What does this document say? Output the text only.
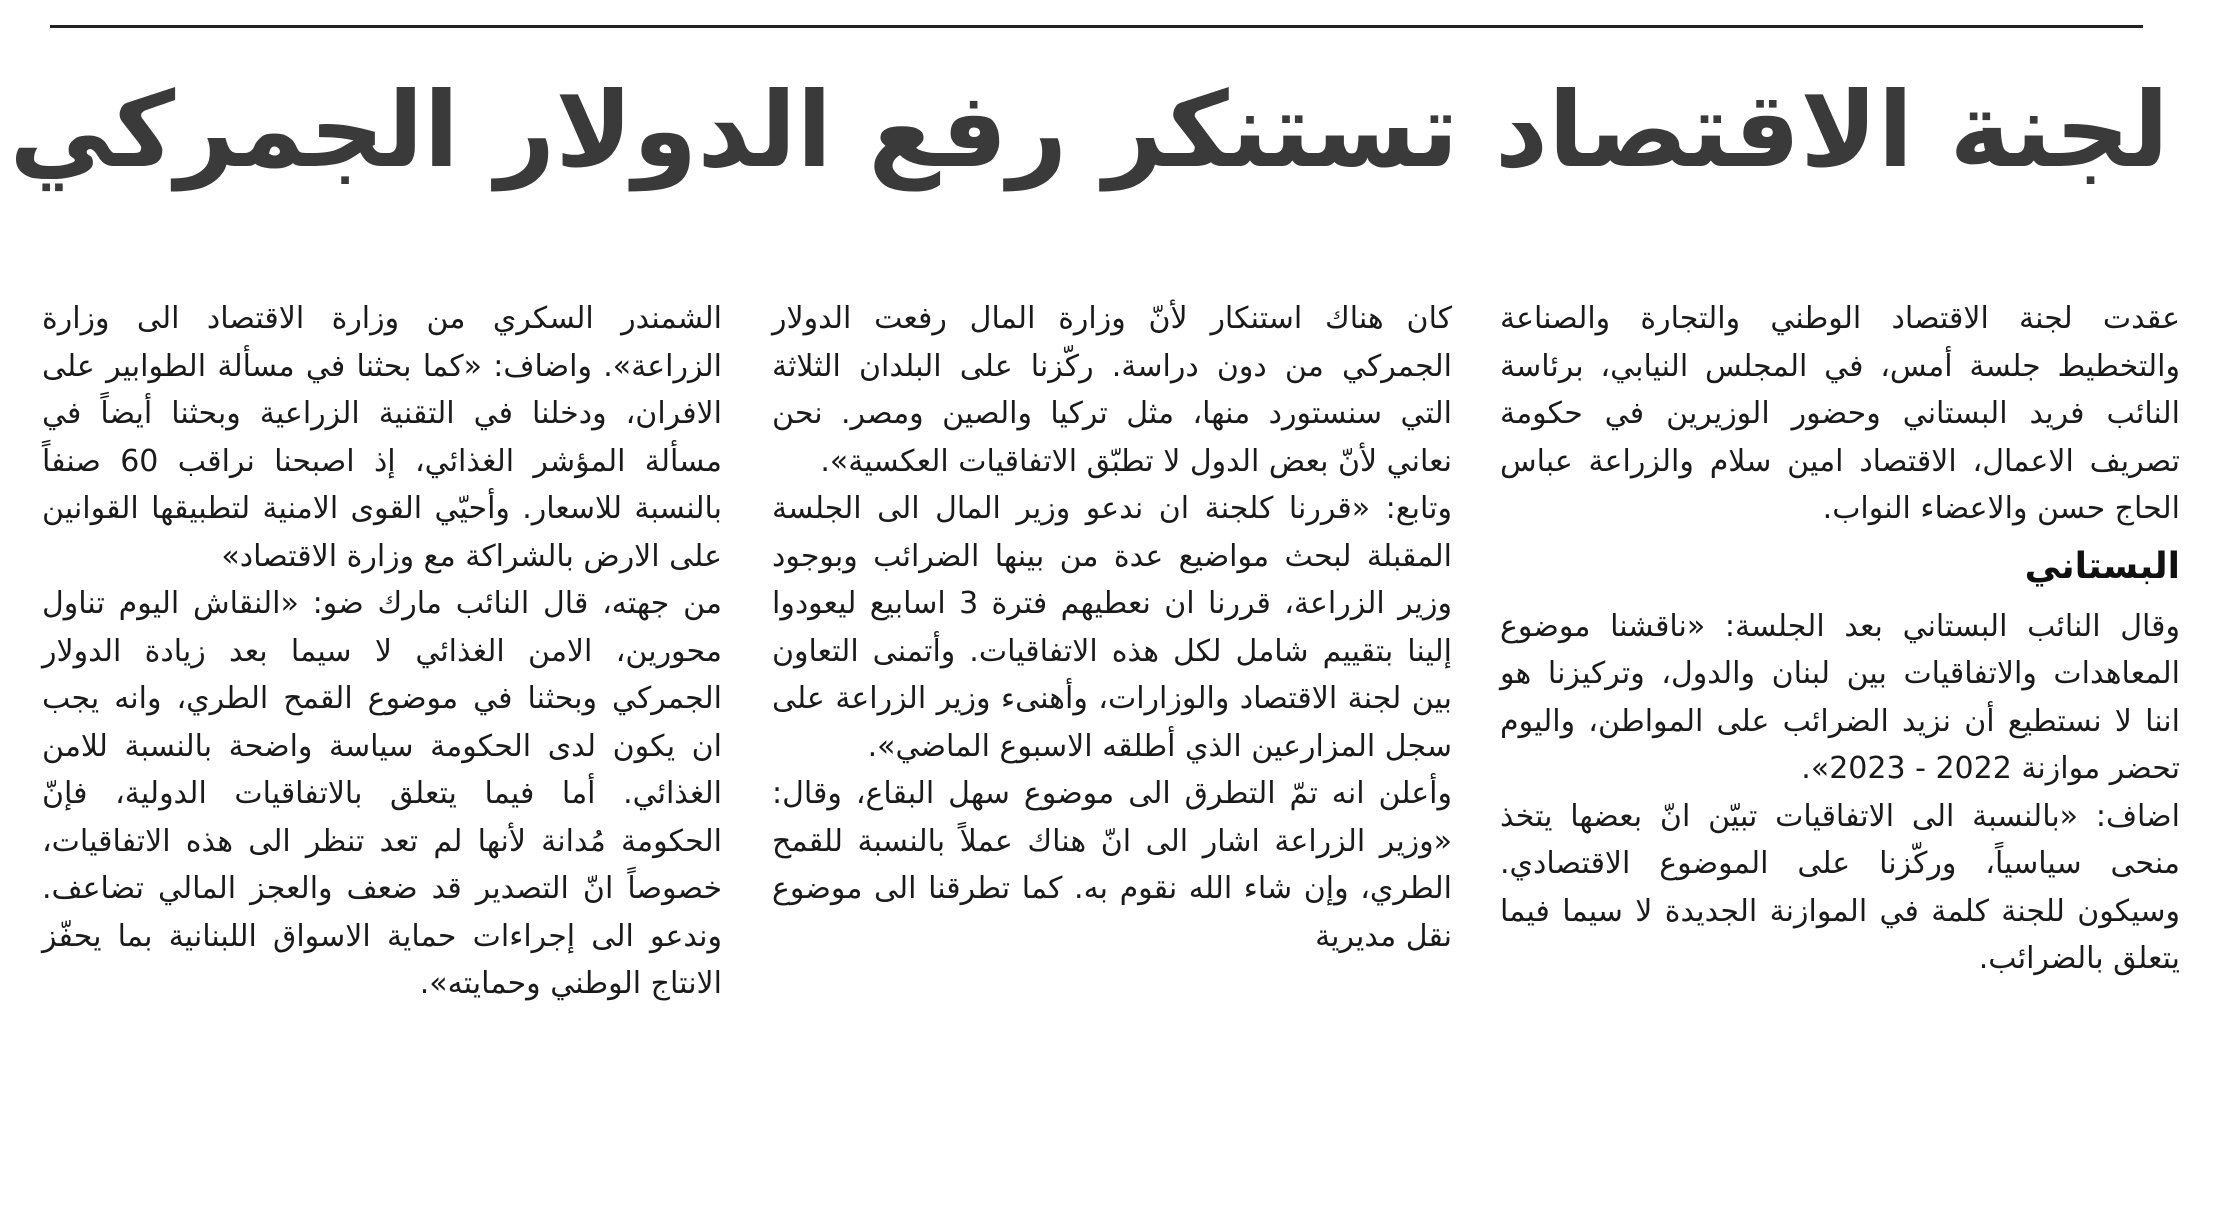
لجنة الاقتصاد تستنكر رفع الدولار الجمركي

عقدت لجنة الاقتصاد الوطني والتجارة والصناعة والتخطيط جلسة أمس، في المجلس النيابي، برئاسة النائب فريد البستاني وحضور الوزيرين في حكومة تصريف الاعمال، الاقتصاد امين سلام والزراعة عباس الحاج حسن والاعضاء النواب.

البستاني

وقال النائب البستاني بعد الجلسة: «ناقشنا موضوع المعاهدات والاتفاقيات بين لبنان والدول، وتركيزنا هو اننا لا نستطيع أن نزيد الضرائب على المواطن، واليوم تحضر موازنة 2022 - 2023».

اضاف: «بالنسبة الى الاتفاقيات تبيّن انّ بعضها يتخذ منحى سياسياً، وركّزنا على الموضوع الاقتصادي. وسيكون للجنة كلمة في الموازنة الجديدة لا سيما فيما يتعلق بالضرائب.

كان هناك استنكار لأنّ وزارة المال رفعت الدولار الجمركي من دون دراسة. ركّزنا على البلدان الثلاثة التي سنستورد منها، مثل تركيا والصين ومصر. نحن نعاني لأنّ بعض الدول لا تطبّق الاتفاقيات العكسية».

وتابع: «قررنا كلجنة ان ندعو وزير المال الى الجلسة المقبلة لبحث مواضيع عدة من بينها الضرائب وبوجود وزير الزراعة، قررنا ان نعطيهم فترة 3 اسابيع ليعودوا إلينا بتقييم شامل لكل هذه الاتفاقيات. وأتمنى التعاون بين لجنة الاقتصاد والوزارات، وأهنىء وزير الزراعة على سجل المزارعين الذي أطلقه الاسبوع الماضي».

وأعلن انه تمّ التطرق الى موضوع سهل البقاع، وقال: «وزير الزراعة اشار الى انّ هناك عملاً بالنسبة للقمح الطري، وإن شاء الله نقوم به. كما تطرقنا الى موضوع نقل مديرية

الشمندر السكري من وزارة الاقتصاد الى وزارة الزراعة». واضاف: «كما بحثنا في مسألة الطوابير على الافران، ودخلنا في التقنية الزراعية وبحثنا أيضاً في مسألة المؤشر الغذائي، إذ اصبحنا نراقب 60 صنفاً بالنسبة للاسعار. وأحيّي القوى الامنية لتطبيقها القوانين على الارض بالشراكة مع وزارة الاقتصاد»

من جهته، قال النائب مارك ضو: «النقاش اليوم تناول محورين، الامن الغذائي لا سيما بعد زيادة الدولار الجمركي وبحثنا في موضوع القمح الطري، وانه يجب ان يكون لدى الحكومة سياسة واضحة بالنسبة للامن الغذائي. أما فيما يتعلق بالاتفاقيات الدولية، فإنّ الحكومة مُدانة لأنها لم تعد تنظر الى هذه الاتفاقيات، خصوصاً انّ التصدير قد ضعف والعجز المالي تضاعف. وندعو الى إجراءات حماية الاسواق اللبنانية بما يحفّز الانتاج الوطني وحمايته».
